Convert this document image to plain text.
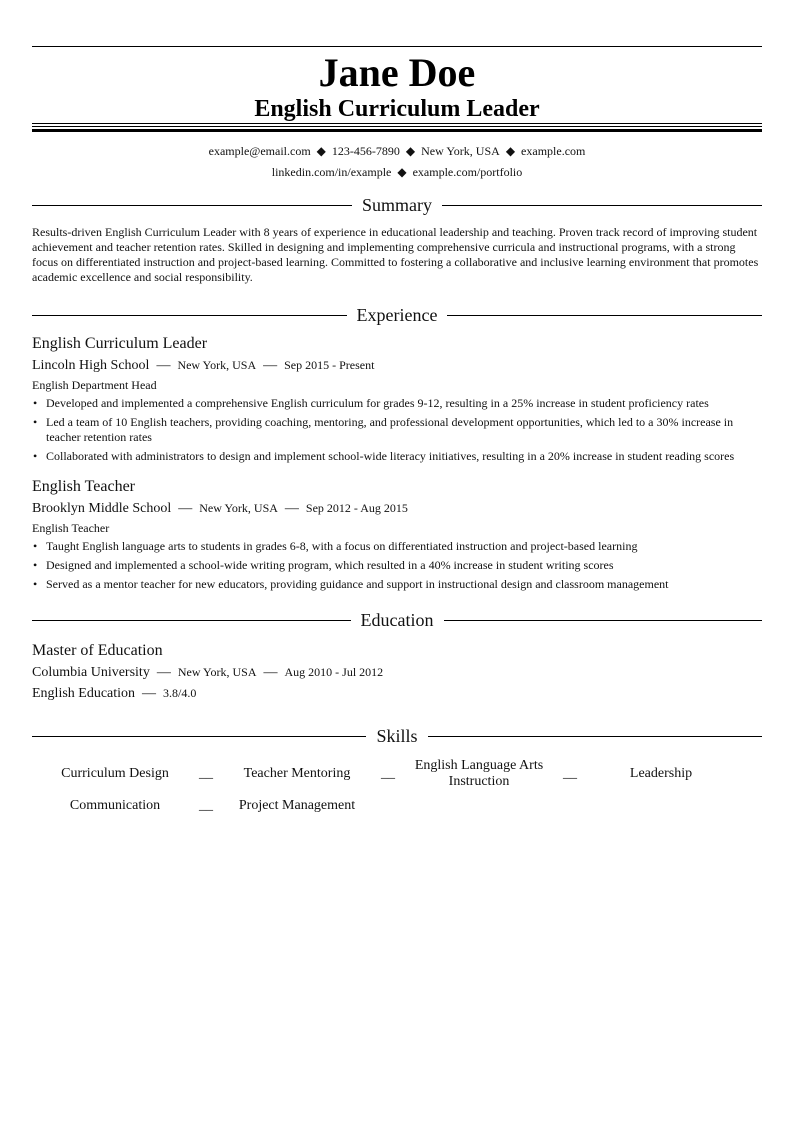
Jane Doe
English Curriculum Leader
example@email.com ◆ 123-456-7890 ◆ New York, USA ◆ example.com
linkedin.com/in/example ◆ example.com/portfolio
Summary
Results-driven English Curriculum Leader with 8 years of experience in educational leadership and teaching. Proven track record of improving student achievement and teacher retention rates. Skilled in designing and implementing comprehensive curricula and instructional programs, with a strong focus on differentiated instruction and project-based learning. Committed to fostering a collaborative and inclusive learning environment that promotes academic excellence and social responsibility.
Experience
English Curriculum Leader
Lincoln High School — New York, USA — Sep 2015 - Present
English Department Head
• Developed and implemented a comprehensive English curriculum for grades 9-12, resulting in a 25% increase in student proficiency rates
• Led a team of 10 English teachers, providing coaching, mentoring, and professional development opportunities, which led to a 30% increase in teacher retention rates
• Collaborated with administrators to design and implement school-wide literacy initiatives, resulting in a 20% increase in student reading scores
English Teacher
Brooklyn Middle School — New York, USA — Sep 2012 - Aug 2015
English Teacher
• Taught English language arts to students in grades 6-8, with a focus on differentiated instruction and project-based learning
• Designed and implemented a school-wide writing program, which resulted in a 40% increase in student writing scores
• Served as a mentor teacher for new educators, providing guidance and support in instructional design and classroom management
Education
Master of Education
Columbia University — New York, USA — Aug 2010 - Jul 2012
English Education — 3.8/4.0
Skills
Curriculum Design	__	Teacher Mentoring	__
English Language Arts Instruction
__	Leadership
Communication	__	Project Management
